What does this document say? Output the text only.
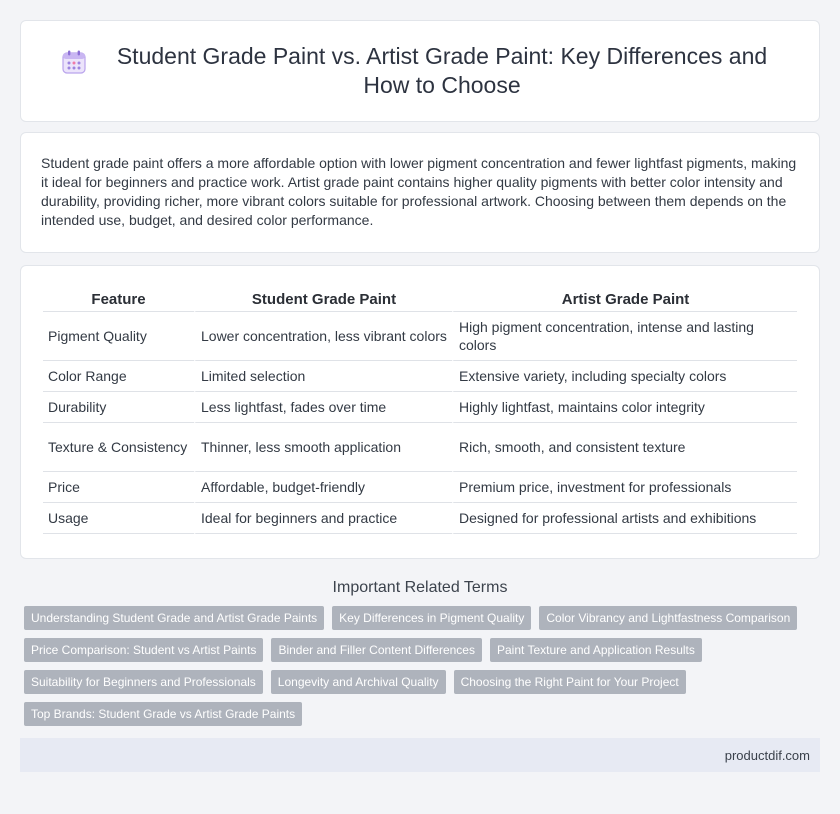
Student Grade Paint vs. Artist Grade Paint: Key Differences and How to Choose

Student grade paint offers a more affordable option with lower pigment concentration and fewer lightfast pigments, making it ideal for beginners and practice work. Artist grade paint contains higher quality pigments with better color intensity and durability, providing richer, more vibrant colors suitable for professional artwork. Choosing between them depends on the intended use, budget, and desired color performance.

Feature	Student Grade Paint	Artist Grade Paint
Pigment Quality	Lower concentration, less vibrant colors	High pigment concentration, intense and lasting colors
Color Range	Limited selection	Extensive variety, including specialty colors
Durability	Less lightfast, fades over time	Highly lightfast, maintains color integrity
Texture & Consistency	Thinner, less smooth application	Rich, smooth, and consistent texture
Price	Affordable, budget-friendly	Premium price, investment for professionals
Usage	Ideal for beginners and practice	Designed for professional artists and exhibitions
Important Related Terms
Understanding Student Grade and Artist Grade Paints	Key Differences in Pigment Quality	Color Vibrancy and Lightfastness Comparison
Price Comparison: Student vs Artist Paints	Binder and Filler Content Differences	Paint Texture and Application Results
Suitability for Beginners and Professionals	Longevity and Archival Quality	Choosing the Right Paint for Your Project
Top Brands: Student Grade vs Artist Grade Paints
productdif.com
